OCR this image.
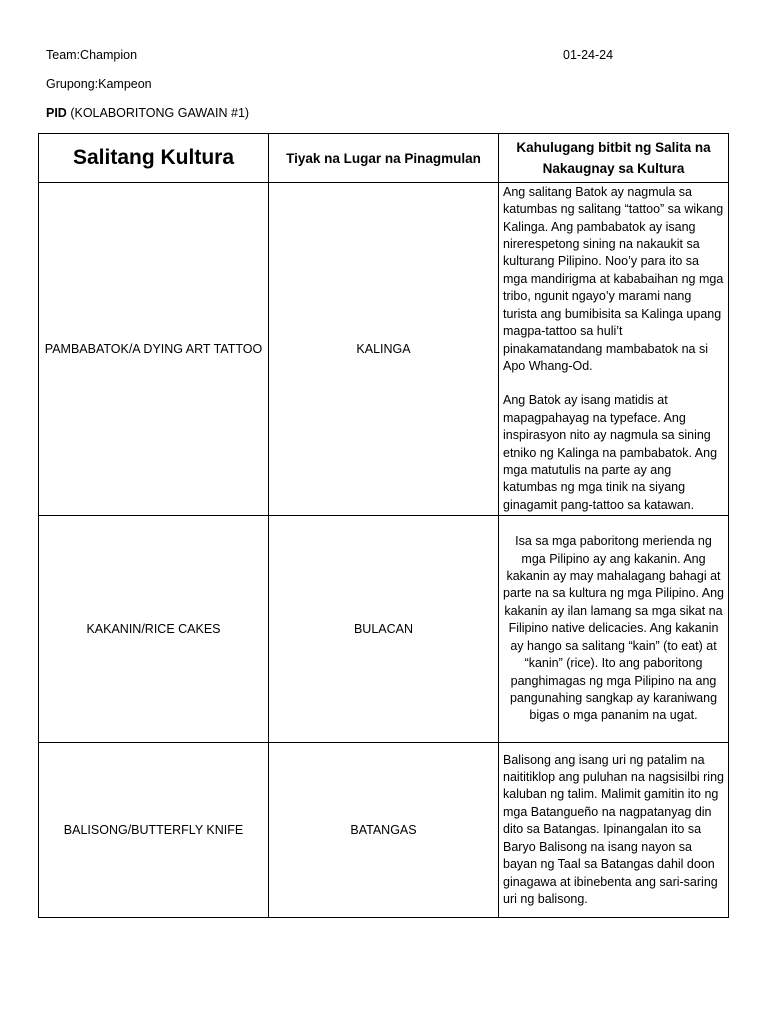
Team:Champion	01-24-24
Grupong:Kampeon
PID (KOLABORITONG GAWAIN #1)
Salitang Kultura	Tiyak na Lugar na Pinagmulan	Kahulugang bitbit ng Salita na Nakaugnay sa Kultura
PAMBABATOK/A DYING ART TATTOO	KALINGA	Ang salitang Batok ay nagmula sa katumbas ng salitang “tattoo” sa wikang Kalinga. Ang pambabatok ay isang nirerespetong sining na nakaukit sa kulturang Pilipino. Noo’y para ito sa mga mandirigma at kababaihan ng mga tribo, ngunit ngayo’y marami nang turista ang bumibisita sa Kalinga upang magpa-tattoo sa huli’t pinakamatandang mambabatok na si Apo Whang-Od.
Ang Batok ay isang matidis at mapagpahayag na typeface. Ang inspirasyon nito ay nagmula sa sining etniko ng Kalinga na pambabatok. Ang mga matutulis na parte ay ang katumbas ng mga tinik na siyang ginagamit pang-tattoo sa katawan.

KAKANIN/RICE CAKES	BULACAN	Isa sa mga paboritong merienda ng mga Pilipino ay ang kakanin. Ang kakanin ay may mahalagang bahagi at parte na sa kultura ng mga Pilipino. Ang kakanin ay ilan lamang sa mga sikat na Filipino native delicacies. Ang kakanin ay hango sa salitang “kain” (to eat) at “kanin” (rice). Ito ang paboritong panghimagas ng mga Pilipino na ang pangunahing sangkap ay karaniwang bigas o mga pananim na ugat.
BALISONG/BUTTERFLY KNIFE	BATANGAS	Balisong ang isang uri ng patalim na naititiklop ang puluhan na nagsisilbi ring kaluban ng talim. Malimit gamitin ito ng mga Batangueño na nagpatanyag din dito sa Batangas. Ipinangalan ito sa Baryo Balisong na isang nayon sa bayan ng Taal sa Batangas dahil doon ginagawa at ibinebenta ang sari-saring uri ng balisong.
